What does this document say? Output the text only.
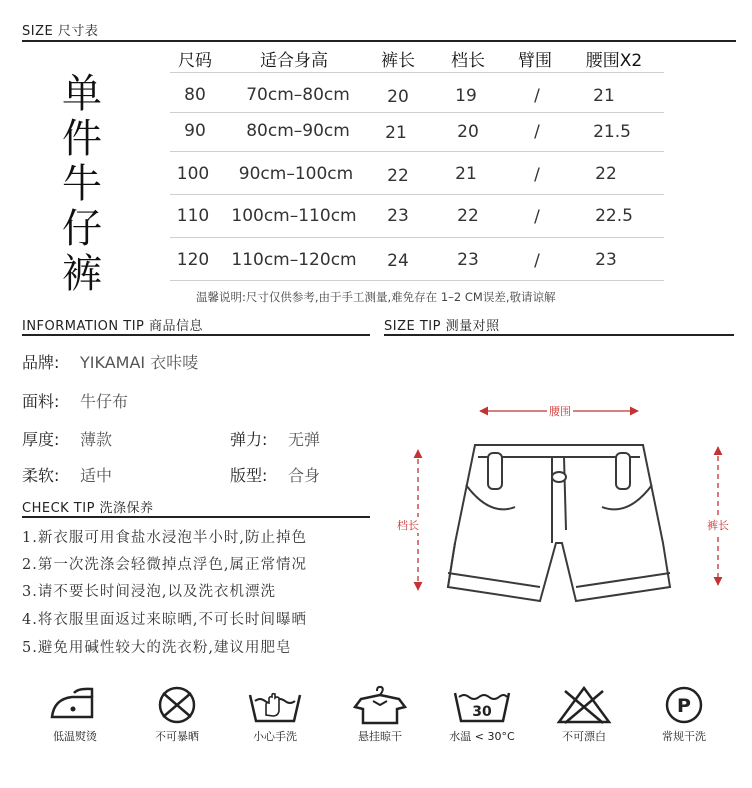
SIZE 尺寸表
单
件
牛
仔
裤
尺码	适合身高	裤长 档长 臂围 腰围X2
80 70cm–80cm 20	19	/	21
90 80cm–90cm 21	20	/	21.5
100 90cm–100cm 22	21	/	22
110 100cm–110cm 23	22	/	22.5
120 110cm–120cm 24	23	/	23
温馨说明:尺寸仅供参考,由于手工测量,难免存在 1–2 CM误差,敬请谅解
INFORMATION TIP 商品信息
品牌: YIKAMAI 衣咔唛
面料: 牛仔布
厚度: 薄款	弹力: 无弹
柔软: 适中	版型: 合身
CHECK TIP 洗涤保养
1.新衣服可用食盐水浸泡半小时,防止掉色
2.第一次洗涤会轻微掉点浮色,属正常情况
3.请不要长时间浸泡,以及洗衣机漂洗
4.将衣服里面返过来晾晒,不可长时间曝晒
5.避免用碱性较大的洗衣粉,建议用肥皂
SIZE TIP 测量对照
腰围
档长	裤长
低温熨烫	不可暴晒	小心手洗	悬挂晾干
30
水温 < 30°C	不可漂白
P
常规干洗
